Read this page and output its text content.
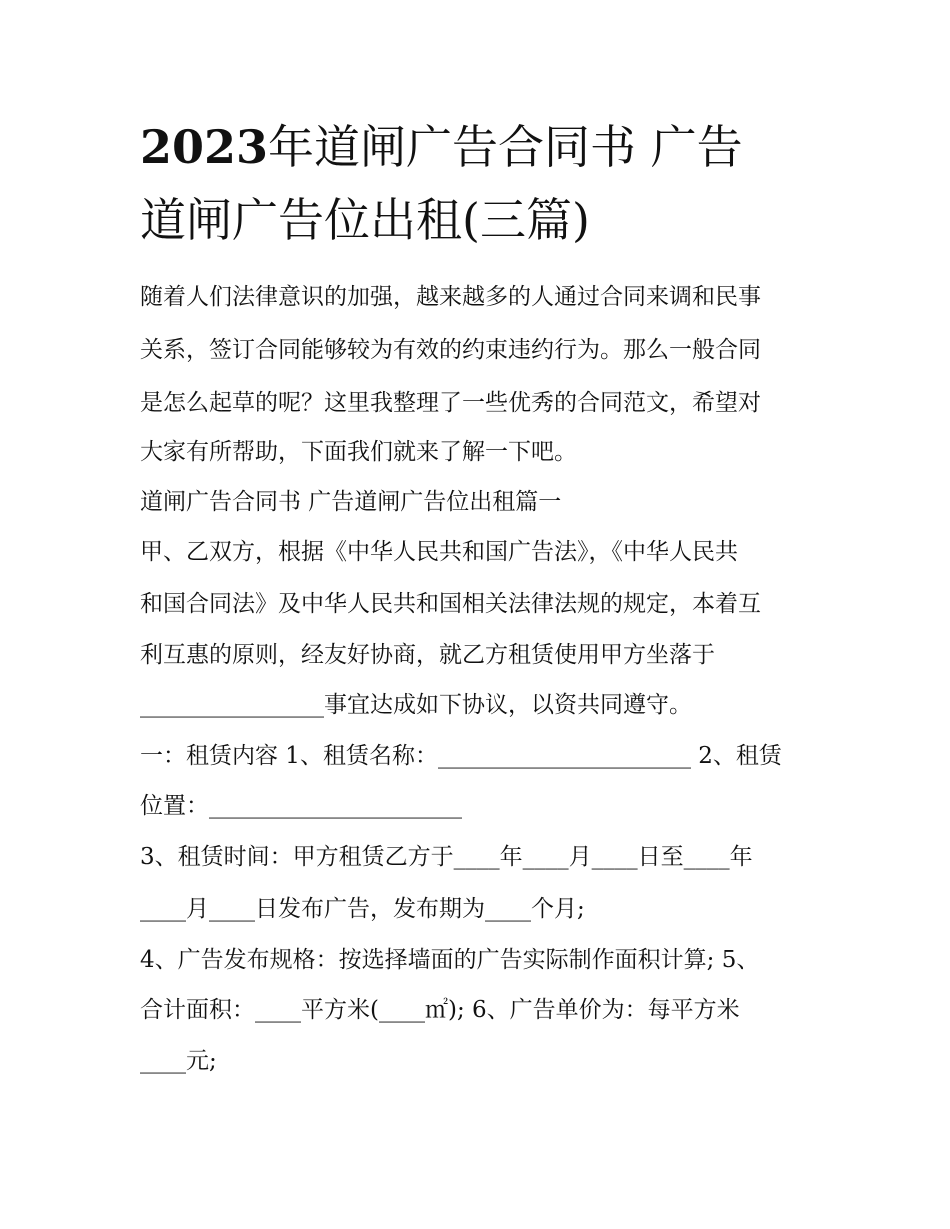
2023年道闸广告合同书 广告
道闸广告位出租(三篇)

随着人们法律意识的加强，越来越多的人通过合同来调和民事

关系，签订合同能够较为有效的约束违约行为。那么一般合同

是怎么起草的呢？这里我整理了一些优秀的合同范文，希望对

大家有所帮助，下面我们就来了解一下吧。

道闸广告合同书 广告道闸广告位出租篇一

甲、乙双方，根据《中华人民共和国广告法》，《中华人民共

和国合同法》及中华人民共和国相关法律法规的规定，本着互

利互惠的原则，经友好协商，就乙方租赁使用甲方坐落于

________________事宜达成如下协议，以资共同遵守。

一：租赁内容 1、租赁名称：______________________ 2、租赁

位置：______________________

3、租赁时间：甲方租赁乙方于____年____月____日至____年

____月____日发布广告，发布期为____个月;

4、广告发布规格：按选择墙面的广告实际制作面积计算; 5、

合计面积：____平方米(____㎡); 6、广告单价为：每平方米

____元;
